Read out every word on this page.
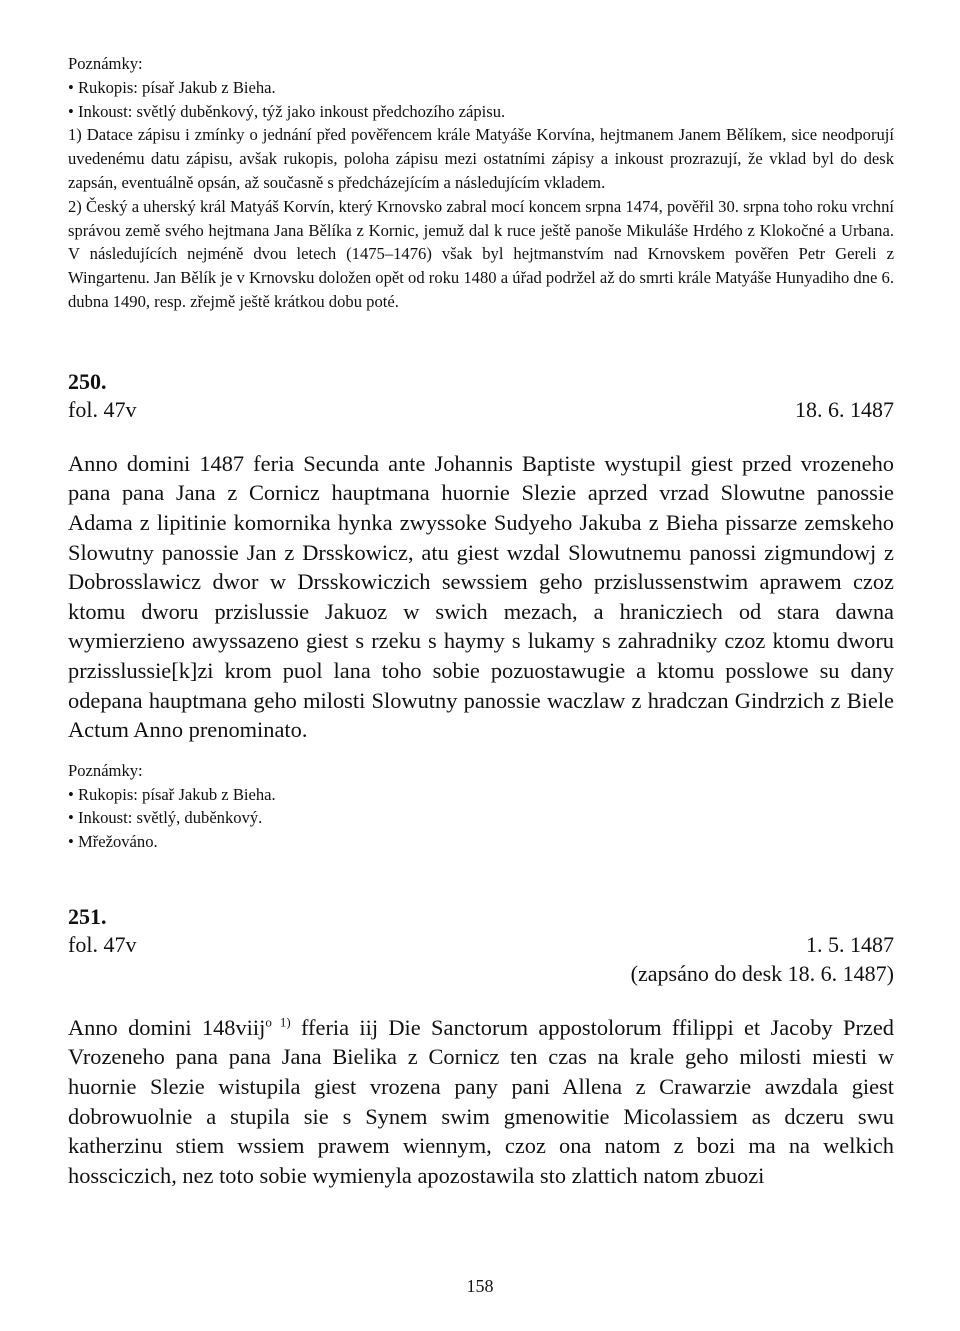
Poznámky:

• Rukopis: písař Jakub z Bieha.

• Inkoust: světlý duběnkový, týž jako inkoust předchozího zápisu.

1) Datace zápisu i zmínky o jednání před pověřencem krále Matyáše Korvína, hejtmanem Janem Bělíkem, sice neodporují uvedenému datu zápisu, avšak rukopis, poloha zápisu mezi ostatními zápisy a inkoust prozrazují, že vklad byl do desk zapsán, eventuálně opsán, až současně s předcházejícím a následujícím vkladem.

2) Český a uherský král Matyáš Korvín, který Krnovsko zabral mocí koncem srpna 1474, pověřil 30. srpna toho roku vrchní správou země svého hejtmana Jana Bělíka z Kornic, jemuž dal k ruce ještě panoše Mikuláše Hrdého z Klokočné a Urbana. V následujících nejméně dvou letech (1475–1476) však byl hejtmanstvím nad Krnovskem pověřen Petr Gereli z Wingartenu. Jan Bělík je v Krnovsku doložen opět od roku 1480 a úřad podržel až do smrti krále Matyáše Hunyadiho dne 6. dubna 1490, resp. zřejmě ještě krátkou dobu poté.

250.

fol. 47v	18. 6. 1487

Anno domini 1487 feria Secunda ante Johannis Baptiste wystupil giest przed vrozeneho pana pana Jana z Cornicz hauptmana huornie Slezie aprzed vrzad Slowutne panossie Adama z lipitinie komornika hynka zwyssoke Sudyeho Jakuba z Bieha pissarze zemskeho Slowutny panossie Jan z Drsskowicz, atu giest wzdal Slowutnemu panossi zigmundowj z Dobrosslawicz dwor w Drsskowiczich sewssiem geho przislussenstwim aprawem czoz ktomu dworu przislussie Jakuoz w swich mezach, a hranicziech od stara dawna wymierzieno awyssazeno giest s rzeku s haymy s lukamy s zahradniky czoz ktomu dworu przisslussie[k]zi krom puol lana toho sobie pozuostawugie a ktomu posslowe su dany odepana hauptmana geho milosti Slowutny panossie waczlaw z hradczan Gindrzich z Biele Actum Anno prenominato.

Poznámky:

• Rukopis: písař Jakub z Bieha.

• Inkoust: světlý, duběnkový.

• Mřežováno.

251.

fol. 47v	1. 5. 1487
(zapsáno do desk 18. 6. 1487)

Anno domini 148viij$^{o 1)}$ fferia iij Die Sanctorum appostolorum ffilippi et Jacoby Przed Vrozeneho pana pana Jana Bielika z Cornicz ten czas na krale geho milosti miesti w huornie Slezie wistupila giest vrozena pany pani Allena z Crawarzie awzdala giest dobrowuolnie a stupila sie s Synem swim gmenowitie Micolassiem as dczeru swu katherzinu stiem wssiem prawem wiennym, czoz ona natom z bozi ma na welkich hossciczich, nez toto sobie wymienyla apozostawila sto zlattich natom zbuozi

158
